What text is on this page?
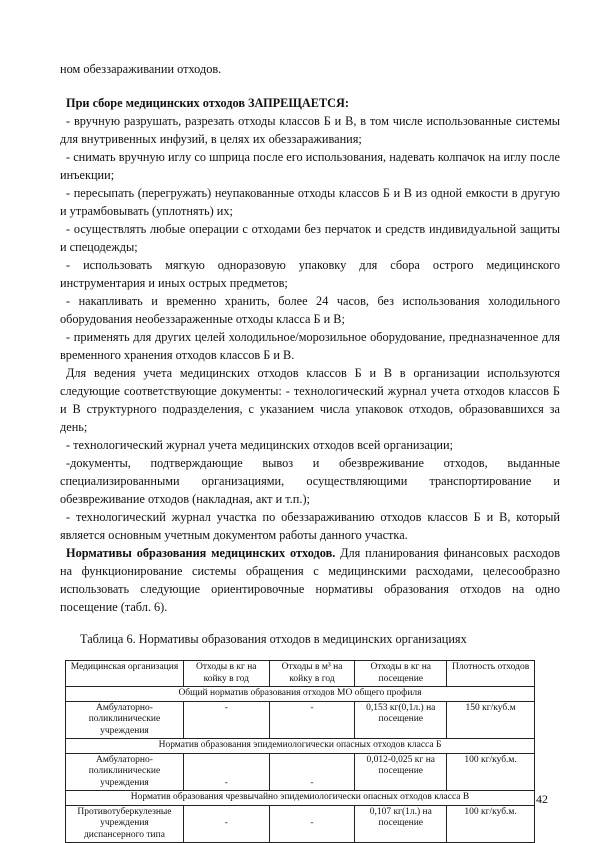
ном обеззараживании отходов.

При сборе медицинских отходов ЗАПРЕЩАЕТСЯ:

- вручную разрушать, разрезать отходы классов Б и В, в том числе использованные системы для внутривенных инфузий, в целях их обеззараживания;

- снимать вручную иглу со шприца после его использования, надевать колпачок на иглу после инъекции;

- пересыпать (перегружать) неупакованные отходы классов Б и В из одной емкости в другую и утрамбовывать (уплотнять) их;

- осуществлять любые операции с отходами без перчаток и средств индивидуальной защиты и спецодежды;

- использовать мягкую одноразовую упаковку для сбора острого медицинского инструментария и иных острых предметов;

- накапливать и временно хранить, более 24 часов, без использования холодильного оборудования необеззараженные отходы класса Б и В;

- применять для других целей холодильное/морозильное оборудование, предназначенное для временного хранения отходов классов Б и В.

Для ведения учета медицинских отходов классов Б и В в организации используются следующие соответствующие документы: - технологический журнал учета отходов классов Б и В структурного подразделения, с указанием числа упаковок отходов, образовавшихся за день;

- технологический журнал учета медицинских отходов всей организации;

-документы, подтверждающие вывоз и обезвреживание отходов, выданные специализированными организациями, осуществляющими транспортирование и обезвреживание отходов (накладная, акт и т.п.);

- технологический журнал участка по обеззараживанию отходов классов Б и В, который является основным учетным документом работы данного участка.

Нормативы образования медицинских отходов. Для планирования финансовых расходов на функционирование системы обращения с медицинскими расходами, целесообразно использовать следующие ориентировочные нормативы образования отходов на одно посещение (табл. 6).

Таблица 6. Нормативы образования отходов в медицинских организациях

Медицинская организация	Отходы в кг на койку в год	Отходы в м³ на койку в год	Отходы в кг на посещение	Плотность отходов
Общий норматив образования отходов МО общего профиля				
Амбулаторно-поликлинические учреждения	-	-	0,153 кг(0,1л.) на посещение	150 кг/куб.м
Норматив образования эпидемиологически опасных отходов класса Б				
Амбулаторно-поликлинические учреждения	-	-	0,012-0,025 кг на посещение	100 кг/куб.м.
Норматив образования чрезвычайно эпидемиологически опасных отходов класса В				
Противотуберкулезные учреждения диспансерного типа	-	-	0,107 кг(1л.) на посещение	100 кг/куб.м.
42
